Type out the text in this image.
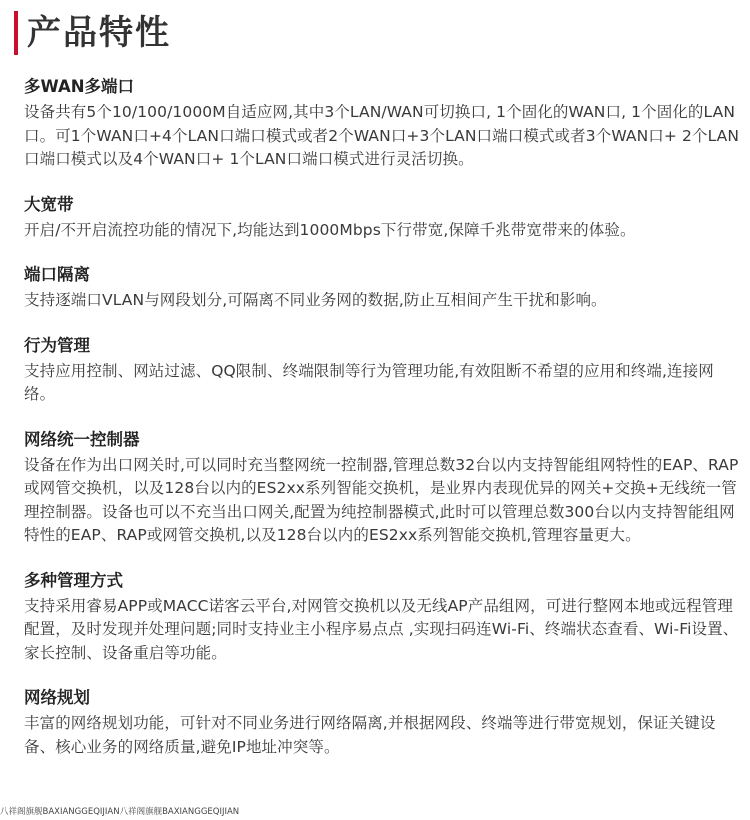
产品特性
多WAN多端口

设备共有5个10/100/1000M自适应网,其中3个LAN/WAN可切换口, 1个固化的WAN口, 1个固化的LAN口。可1个WAN口+4个LAN口端口模式或者2个WAN口+3个LAN口端口模式或者3个WAN口+ 2个LAN口端口模式以及4个WAN口+ 1个LAN口端口模式进行灵活切换。

大宽带

开启/不开启流控功能的情况下,均能达到1000Mbps下行带宽,保障千兆带宽带来的体验。

端口隔离

支持逐端口VLAN与网段划分,可隔离不同业务网的数据,防止互相间产生干扰和影响。

行为管理

支持应用控制、网站过滤、QQ限制、终端限制等行为管理功能,有效阻断不希望的应用和终端,连接网络。

网络统一控制器

设备在作为出口网关时,可以同时充当整网统一控制器,管理总数32台以内支持智能组网特性的EAP、RAP或网管交换机，以及128台以内的ES2xx系列智能交换机，是业界内表现优异的网关+交换+无线统一管理控制器。设备也可以不充当出口网关,配置为纯控制器模式,此时可以管理总数300台以内支持智能组网特性的EAP、RAP或网管交换机,以及128台以内的ES2xx系列智能交换机,管理容量更大。

多种管理方式

支持采用睿易APP或MACC诺客云平台,对网管交换机以及无线AP产品组网，可进行整网本地或远程管理配置，及时发现并处理问题;同时支持业主小程序易点点 ,实现扫码连Wi-Fi、终端状态查看、Wi-Fi设置、家长控制、设备重启等功能。

网络规划

丰富的网络规划功能，可针对不同业务进行网络隔离,并根据网段、终端等进行带宽规划，保证关键设备、核心业务的网络质量,避免IP地址冲突等。

八祥阁旗舰BAXIANGGEQIJIAN八祥阁旗舰BAXIANGGEQIJIAN
